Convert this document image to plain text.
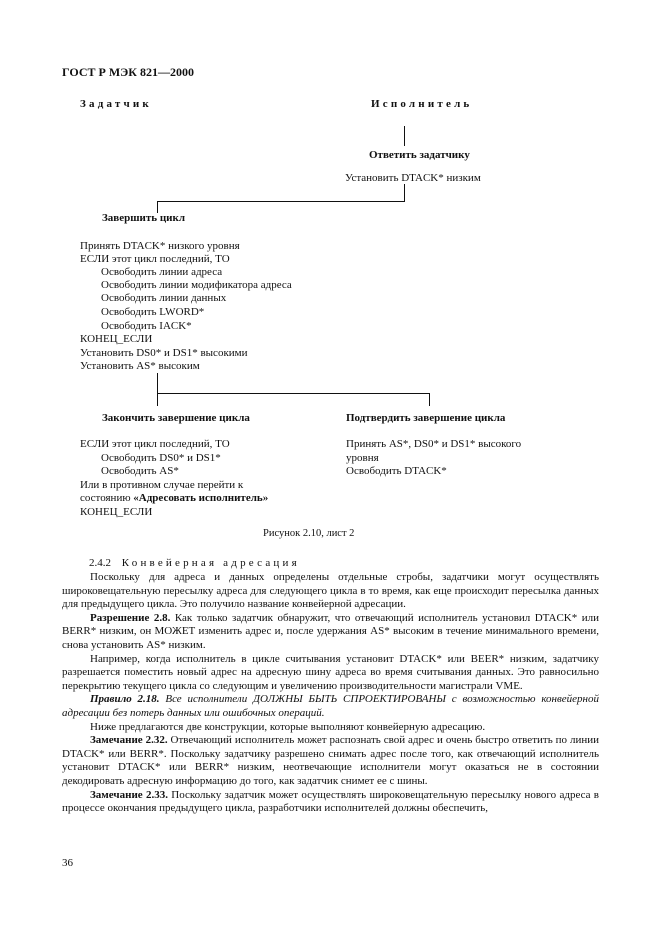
ГОСТ Р МЭК 821—2000
Задатчик	Исполнитель
Ответить задатчику
Установить DTACK* низким
Завершить цикл
Принять DTACK* низкого уровня
ЕСЛИ этот цикл последний, ТО
Освободить линии адреса
Освободить линии модификатора адреса
Освободить линии данных
Освободить LWORD*
Освободить IACK*
КОНЕЦ_ЕСЛИ
Установить DS0* и DS1* высокими
Установить AS* высоким
Закончить завершение цикла
ЕСЛИ этот цикл последний, ТО
Освободить DS0* и DS1*
Освободить AS*
Или в противном случае перейти к
состоянию «Адресовать исполнитель»
КОНЕЦ_ЕСЛИ
Подтвердить завершение цикла
Принять AS*, DS0* и DS1* высокого
уровня
Освободить DTACK*
Рисунок 2.10, лист 2
2.4.2 Конвейерная адресация

Поскольку для адреса и данных определены отдельные стробы, задатчики могут осуществлять широковещательную пересылку адреса для следующего цикла в то время, как еще происходит пересылка данных для предыдущего цикла. Это получило название конвейерной адресации.

Разрешение 2.8. Как только задатчик обнаружит, что отвечающий исполнитель установил DTACK* или BERR* низким, он МОЖЕТ изменить адрес и, после удержания AS* высоким в течение минимального времени, снова установить AS* низким.

Например, когда исполнитель в цикле считывания установит DTACK* или BEER* низким, задатчику разрешается поместить новый адрес на адресную шину адреса во время считывания данных. Это равносильно перекрытию текущего цикла со следующим и увеличению производительности магистрали VME.

Правило 2.18. Все исполнители ДОЛЖНЫ БЫТЬ СПРОЕКТИРОВАНЫ с возможностью конвейерной адресации без потерь данных или ошибочных операций.

Ниже предлагаются две конструкции, которые выполняют конвейерную адресацию.

Замечание 2.32. Отвечающий исполнитель может распознать свой адрес и очень быстро ответить по линии DTACK* или BERR*. Поскольку задатчику разрешено снимать адрес после того, как отвечающий исполнитель установит DTACK* или BERR* низким, неотвечающие исполнители могут оказаться не в состоянии декодировать адресную информацию до того, как задатчик снимет ее с шины.

Замечание 2.33. Поскольку задатчик может осуществлять широковещательную пересылку нового адреса в процессе окончания предыдущего цикла, разработчики исполнителей должны обеспечить,

36
